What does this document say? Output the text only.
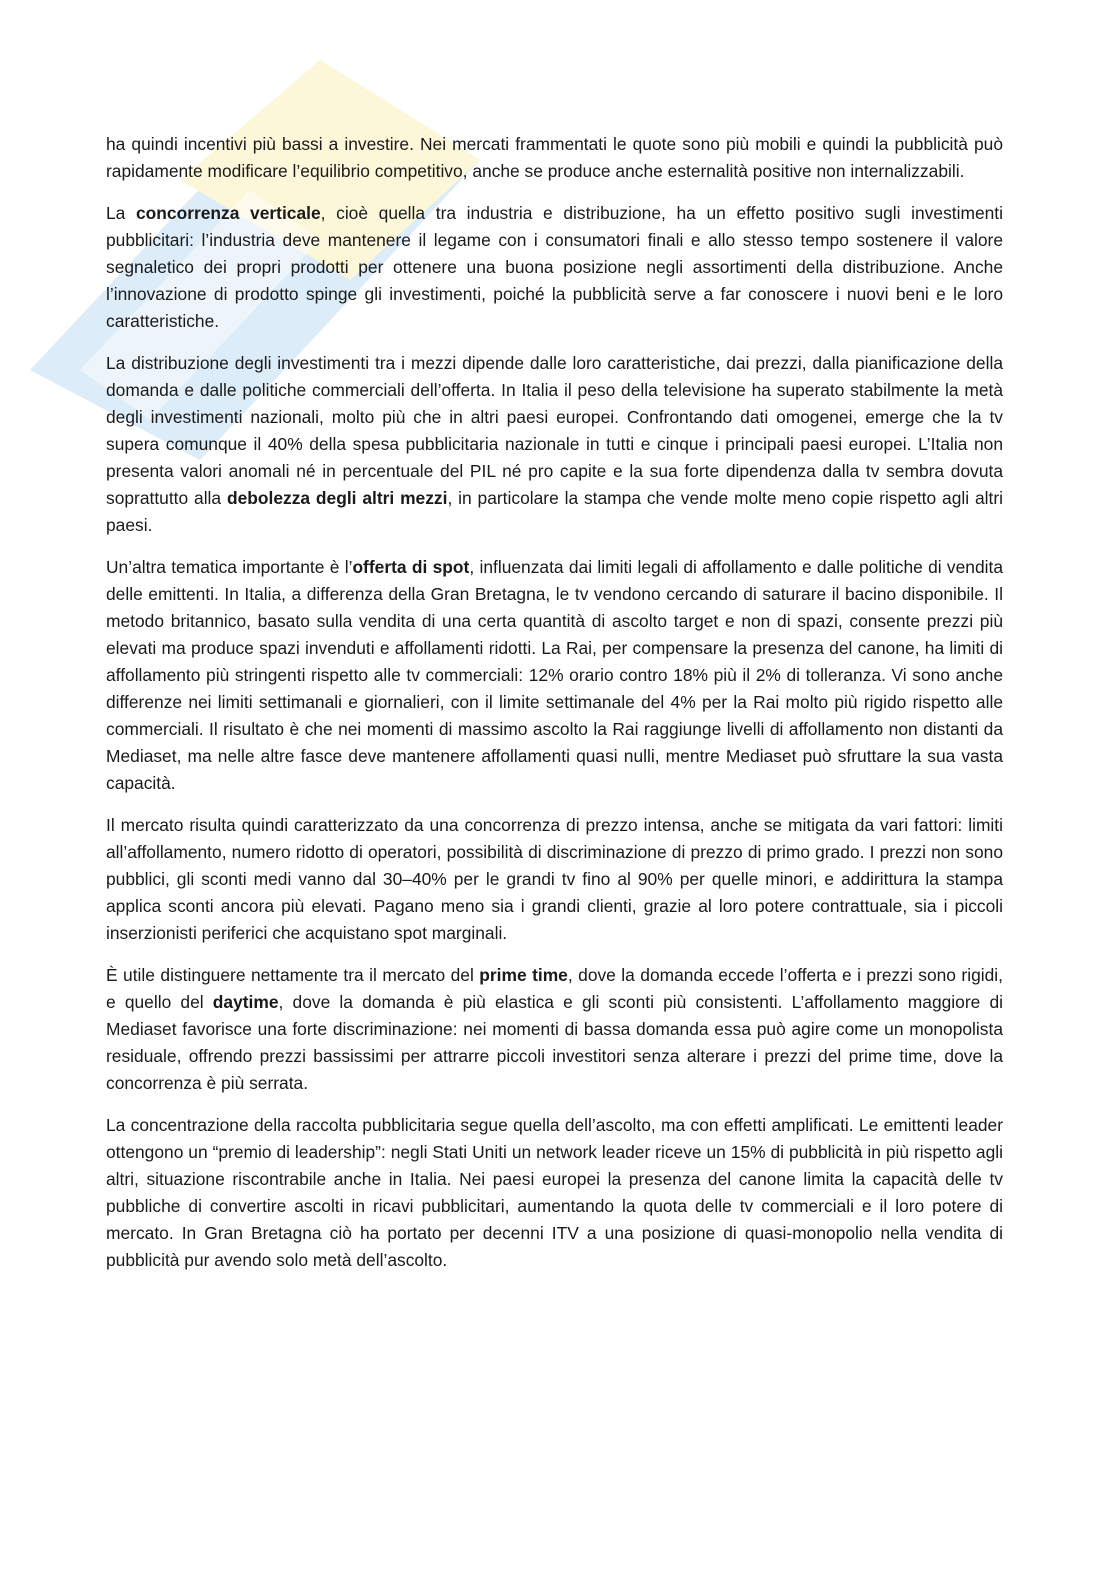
ha quindi incentivi più bassi a investire. Nei mercati frammentati le quote sono più mobili e quindi la pubblicità può rapidamente modificare l’equilibrio competitivo, anche se produce anche esternalità positive non internalizzabili.

La concorrenza verticale, cioè quella tra industria e distribuzione, ha un effetto positivo sugli investimenti pubblicitari: l’industria deve mantenere il legame con i consumatori finali e allo stesso tempo sostenere il valore segnaletico dei propri prodotti per ottenere una buona posizione negli assortimenti della distribuzione. Anche l’innovazione di prodotto spinge gli investimenti, poiché la pubblicità serve a far conoscere i nuovi beni e le loro caratteristiche.

La distribuzione degli investimenti tra i mezzi dipende dalle loro caratteristiche, dai prezzi, dalla pianificazione della domanda e dalle politiche commerciali dell’offerta. In Italia il peso della televisione ha superato stabilmente la metà degli investimenti nazionali, molto più che in altri paesi europei. Confrontando dati omogenei, emerge che la tv supera comunque il 40% della spesa pubblicitaria nazionale in tutti e cinque i principali paesi europei. L’Italia non presenta valori anomali né in percentuale del PIL né pro capite e la sua forte dipendenza dalla tv sembra dovuta soprattutto alla debolezza degli altri mezzi, in particolare la stampa che vende molte meno copie rispetto agli altri paesi.

Un’altra tematica importante è l’offerta di spot, influenzata dai limiti legali di affollamento e dalle politiche di vendita delle emittenti. In Italia, a differenza della Gran Bretagna, le tv vendono cercando di saturare il bacino disponibile. Il metodo britannico, basato sulla vendita di una certa quantità di ascolto target e non di spazi, consente prezzi più elevati ma produce spazi invenduti e affollamenti ridotti. La Rai, per compensare la presenza del canone, ha limiti di affollamento più stringenti rispetto alle tv commerciali: 12% orario contro 18% più il 2% di tolleranza. Vi sono anche differenze nei limiti settimanali e giornalieri, con il limite settimanale del 4% per la Rai molto più rigido rispetto alle commerciali. Il risultato è che nei momenti di massimo ascolto la Rai raggiunge livelli di affollamento non distanti da Mediaset, ma nelle altre fasce deve mantenere affollamenti quasi nulli, mentre Mediaset può sfruttare la sua vasta capacità.

Il mercato risulta quindi caratterizzato da una concorrenza di prezzo intensa, anche se mitigata da vari fattori: limiti all’affollamento, numero ridotto di operatori, possibilità di discriminazione di prezzo di primo grado. I prezzi non sono pubblici, gli sconti medi vanno dal 30–40% per le grandi tv fino al 90% per quelle minori, e addirittura la stampa applica sconti ancora più elevati. Pagano meno sia i grandi clienti, grazie al loro potere contrattuale, sia i piccoli inserzionisti periferici che acquistano spot marginali.

È utile distinguere nettamente tra il mercato del prime time, dove la domanda eccede l’offerta e i prezzi sono rigidi, e quello del daytime, dove la domanda è più elastica e gli sconti più consistenti. L’affollamento maggiore di Mediaset favorisce una forte discriminazione: nei momenti di bassa domanda essa può agire come un monopolista residuale, offrendo prezzi bassissimi per attrarre piccoli investitori senza alterare i prezzi del prime time, dove la concorrenza è più serrata.

La concentrazione della raccolta pubblicitaria segue quella dell’ascolto, ma con effetti amplificati. Le emittenti leader ottengono un “premio di leadership”: negli Stati Uniti un network leader riceve un 15% di pubblicità in più rispetto agli altri, situazione riscontrabile anche in Italia. Nei paesi europei la presenza del canone limita la capacità delle tv pubbliche di convertire ascolti in ricavi pubblicitari, aumentando la quota delle tv commerciali e il loro potere di mercato. In Gran Bretagna ciò ha portato per decenni ITV a una posizione di quasi-monopolio nella vendita di pubblicità pur avendo solo metà dell’ascolto.
